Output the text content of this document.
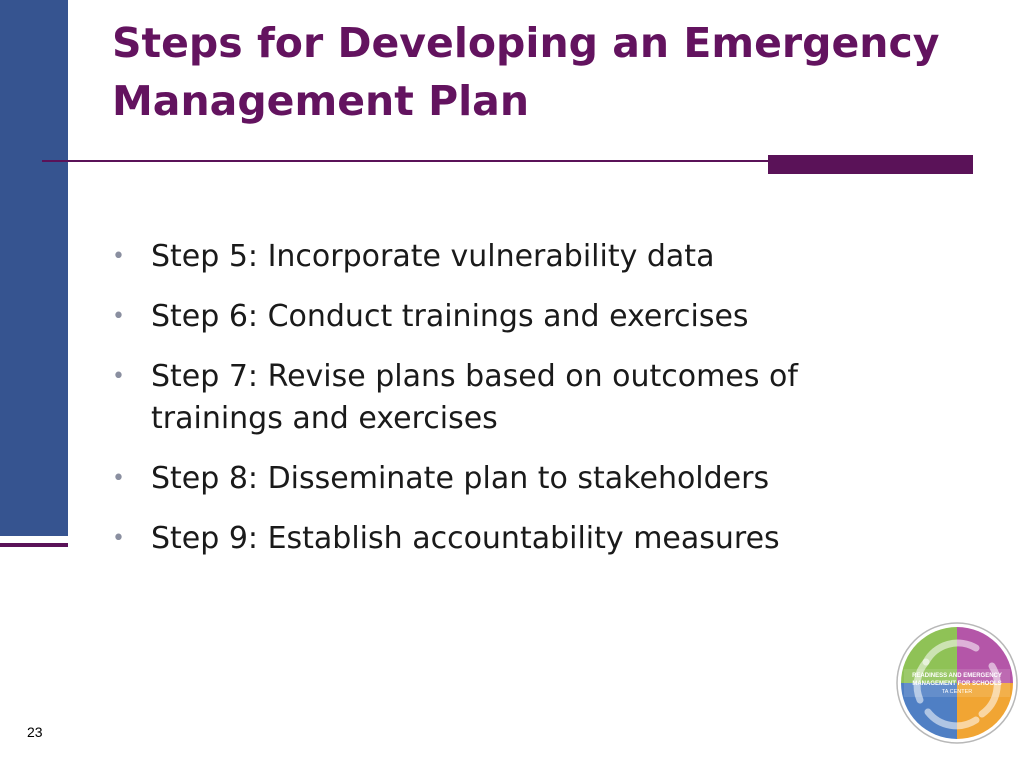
Steps for Developing an Emergency Management Plan
• Step 5: Incorporate vulnerability data
• Step 6: Conduct trainings and exercises
• Step 7: Revise plans based on outcomes of trainings and exercises
• Step 8: Disseminate plan to stakeholders
• Step 9: Establish accountability measures
23
READINESS AND EMERGENCY
MANAGEMENT FOR SCHOOLS
TA CENTER
